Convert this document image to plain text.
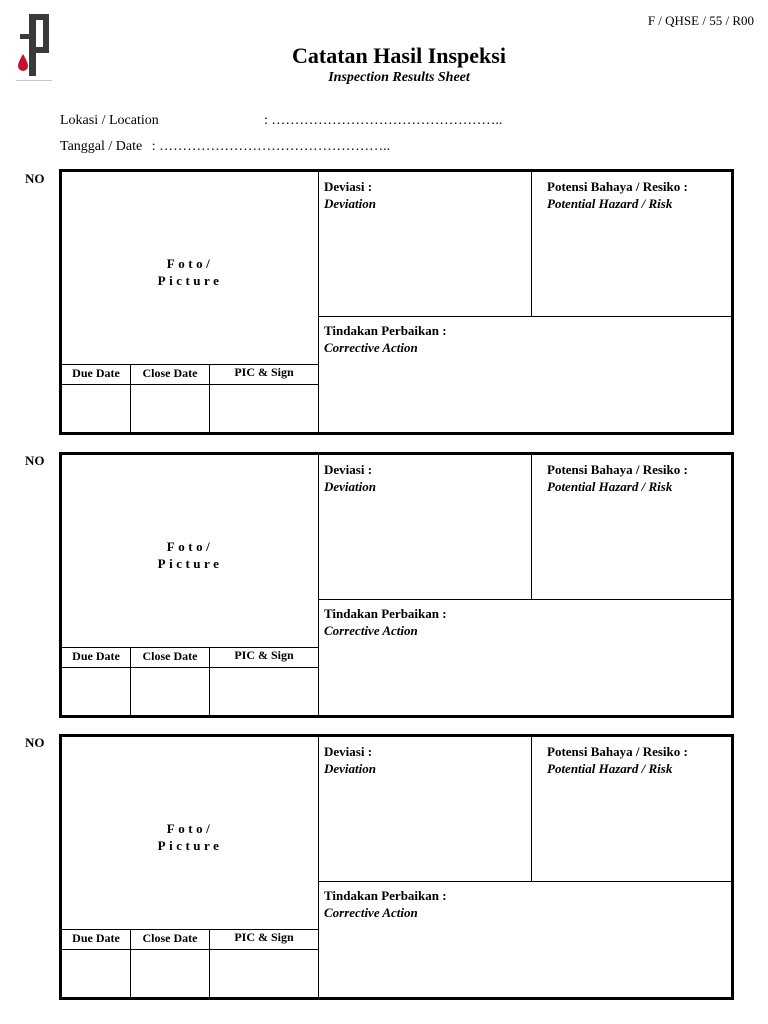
F / QHSE / 55 / R00
Catatan Hasil Inspeksi
Inspection Results Sheet
Lokasi / Location	: …………………………………………..
Tanggal / Date : …………………………………………..
NO
Foto/
Picture
Deviasi :
Deviation
Potensi Bahaya / Resiko :
Potential Hazard / Risk
Tindakan Perbaikan :
Corrective Action
Due Date	Close Date	PIC & Sign
NO
Foto/
Picture
Deviasi :
Deviation
Potensi Bahaya / Resiko :
Potential Hazard / Risk
Tindakan Perbaikan :
Corrective Action
Due Date	Close Date	PIC & Sign
NO
Foto/
Picture
Deviasi :
Deviation
Potensi Bahaya / Resiko :
Potential Hazard / Risk
Tindakan Perbaikan :
Corrective Action
Due Date	Close Date	PIC & Sign
